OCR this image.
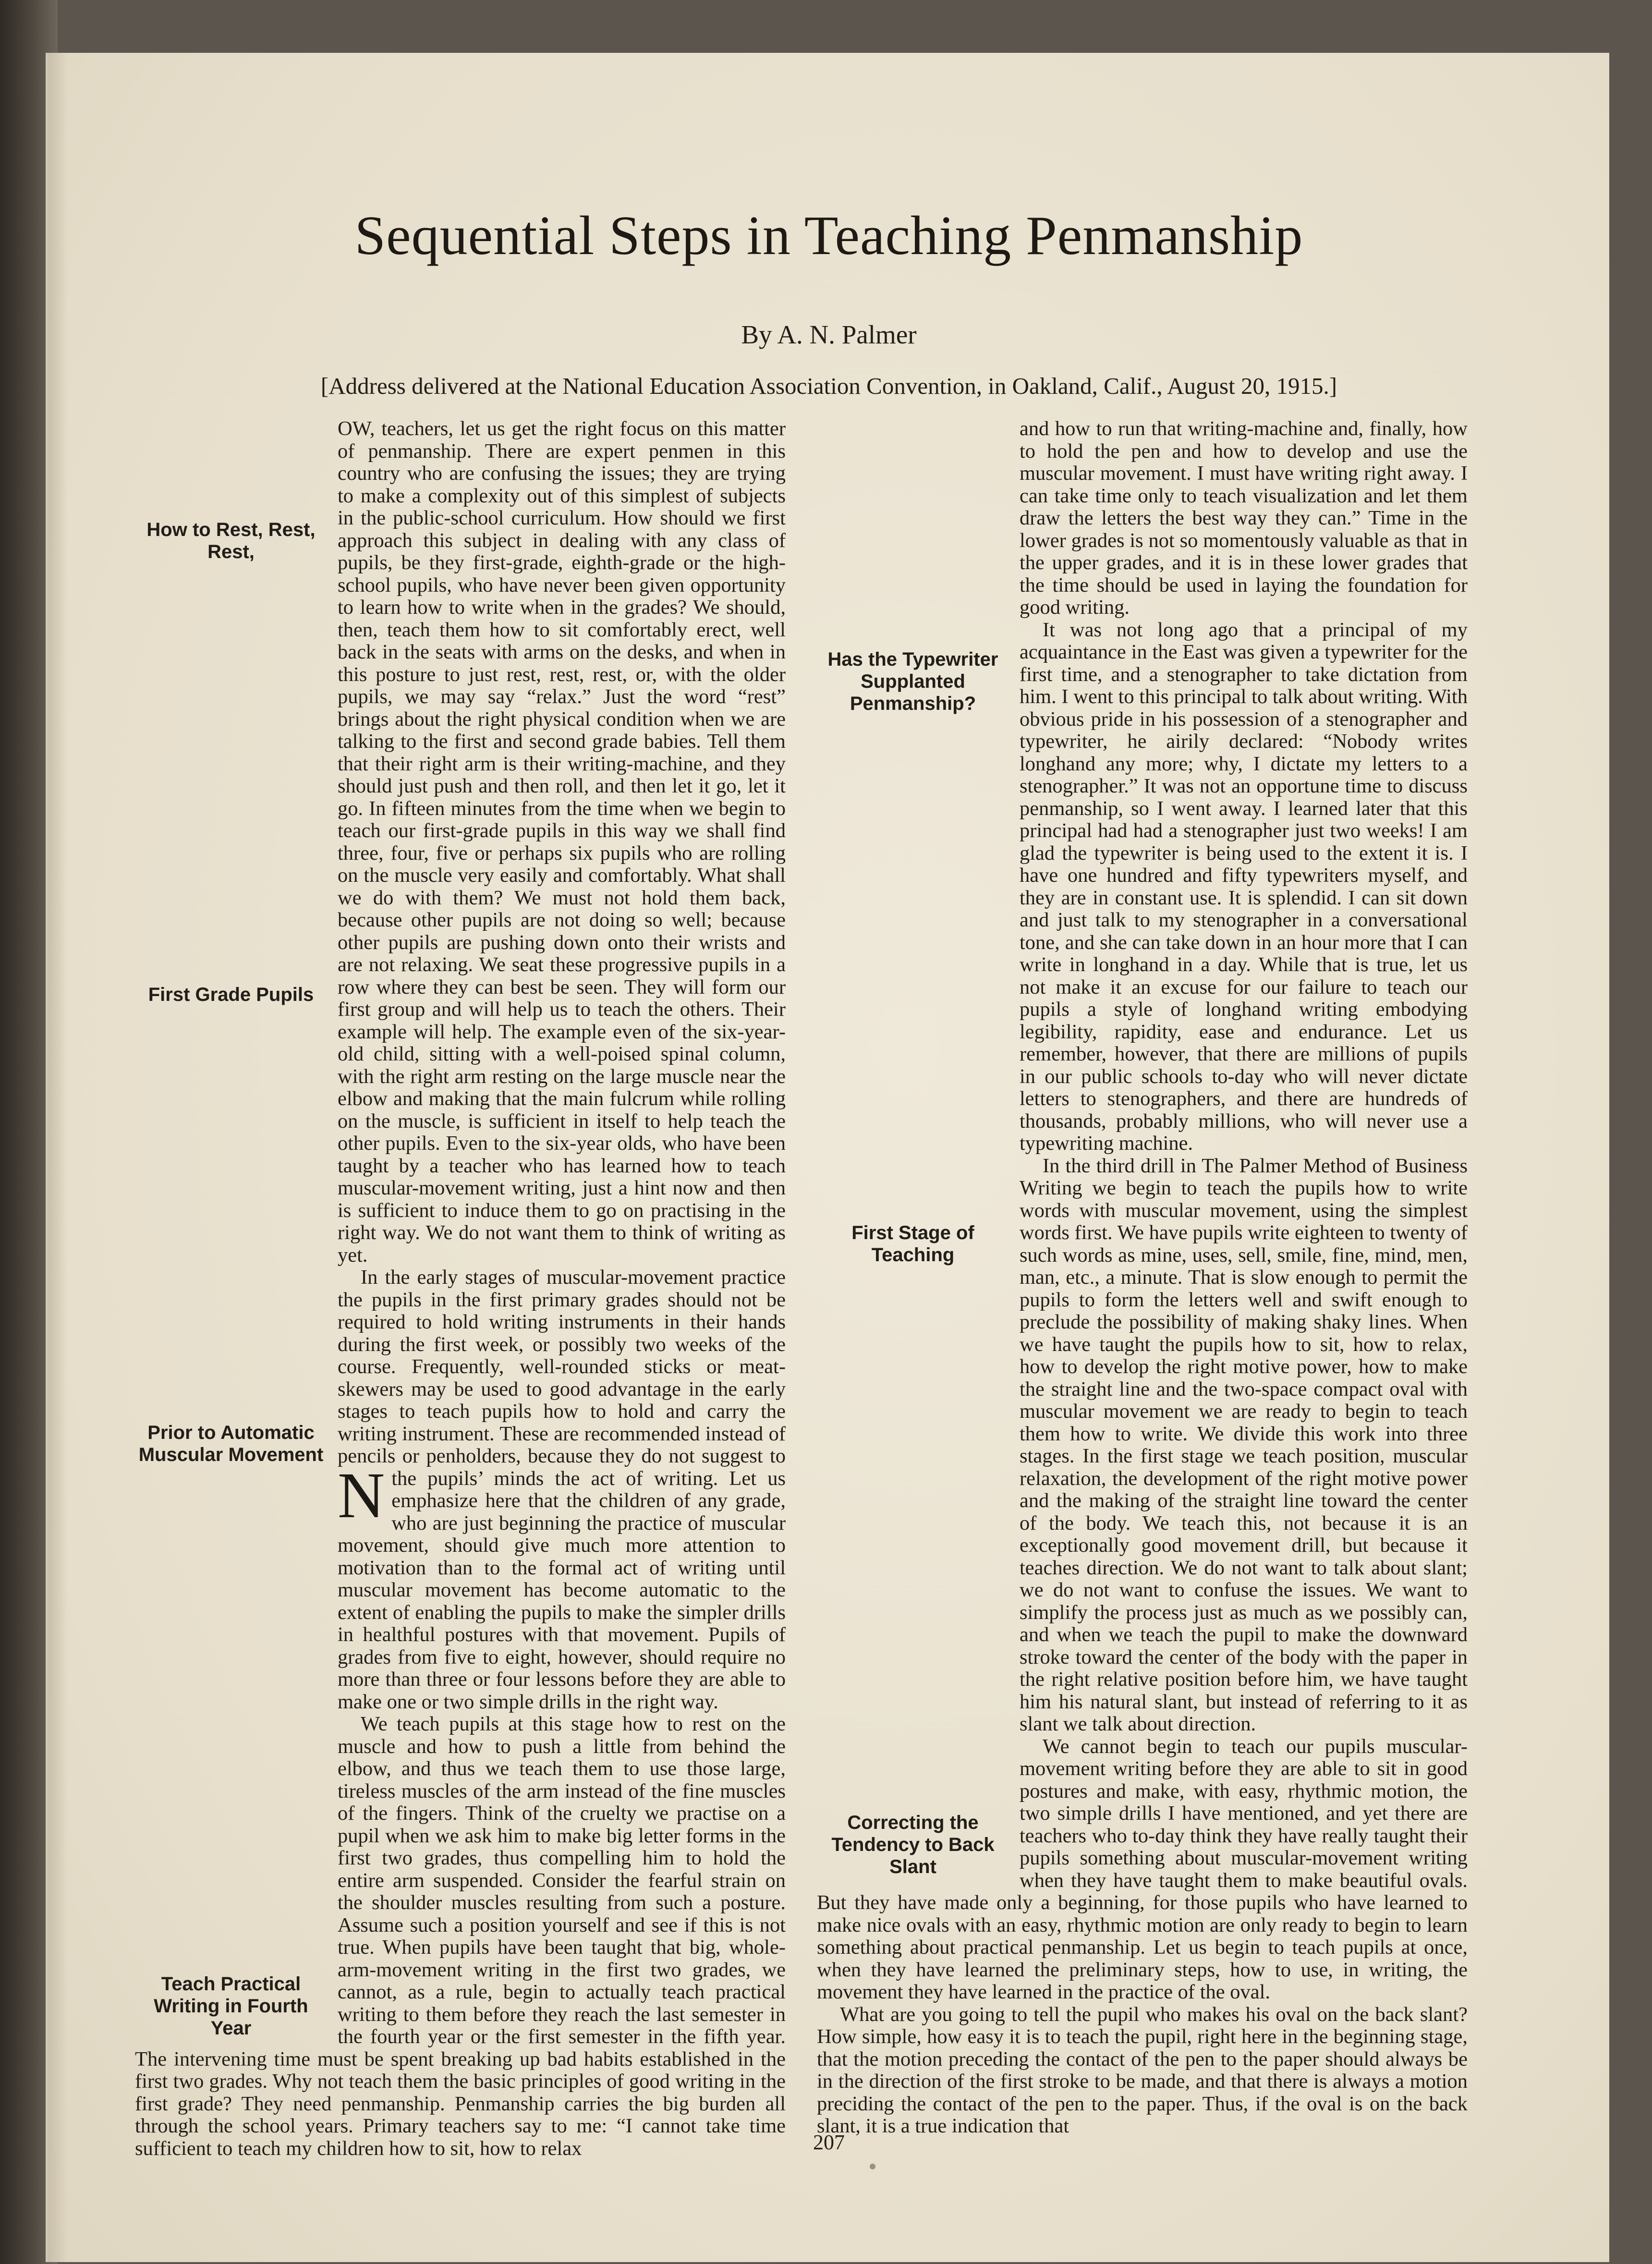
Sequential Steps in Teaching Penmanship

By A. N. Palmer

[Address delivered at the National Education Association Convention, in Oakland, Calif., August 20, 1915.]

How to Rest, Rest, Rest,
First Grade Pupils
Prior to Automatic Muscular Movement
Teach Practical Writing in Fourth Year

N
OW, teachers, let us get the right focus on this matter of penmanship. There are expert penmen in this country who are confusing the issues; they are trying to make a complexity out of this simplest of subjects in the public-school curriculum. How should we first approach this subject in dealing with any class of pupils, be they first-grade, eighth-grade or the high-school pupils, who have never been given opportunity to learn how to write when in the grades? We should, then, teach them how to sit comfortably erect, well back in the seats with arms on the desks, and when in this posture to just rest, rest, rest, or, with the older pupils, we may say “relax.” Just the word “rest” brings about the right physical condition when we are talking to the first and second grade babies. Tell them that their right arm is their writing-machine, and they should just push and then roll, and then let it go, let it go. In fifteen minutes from the time when we begin to teach our first-grade pupils in this way we shall find three, four, five or perhaps six pupils who are rolling on the muscle very easily and comfortably. What shall we do with them? We must not hold them back, because other pupils are not doing so well; because other pupils are pushing down onto their wrists and are not relaxing. We seat these progressive pupils in a row where they can best be seen. They will form our first group and will help us to teach the others. Their example will help. The example even of the six-year-old child, sitting with a well-poised spinal column, with the right arm resting on the large muscle near the elbow and making that the main fulcrum while rolling on the muscle, is sufficient in itself to help teach the other pupils. Even to the six-year olds, who have been taught by a teacher who has learned how to teach muscular-movement writing, just a hint now and then is sufficient to induce them to go on practising in the right way. We do not want them to think of writing as yet.

In the early stages of muscular-movement practice the pupils in the first primary grades should not be required to hold writing instruments in their hands during the first week, or possibly two weeks of the course. Frequently, well-rounded sticks or meat-skewers may be used to good advantage in the early stages to teach pupils how to hold and carry the writing instrument. These are recommended instead of pencils or penholders, because they do not suggest to the pupils’ minds the act of writing. Let us emphasize here that the children of any grade, who are just beginning the practice of muscular movement, should give much more attention to motivation than to the formal act of writing until muscular movement has become automatic to the extent of enabling the pupils to make the simpler drills in healthful postures with that movement. Pupils of grades from five to eight, however, should require no more than three or four lessons before they are able to make one or two simple drills in the right way.

We teach pupils at this stage how to rest on the muscle and how to push a little from behind the elbow, and thus we teach them to use those large, tireless muscles of the arm instead of the fine muscles of the fingers. Think of the cruelty we practise on a pupil when we ask him to make big letter forms in the first two grades, thus compelling him to hold the entire arm suspended. Consider the fearful strain on the shoulder muscles resulting from such a posture. Assume such a position yourself and see if this is not true. When pupils have been taught that big, whole-arm-movement writing in the first two grades, we cannot, as a rule, begin to actually teach practical writing to them before they reach the last semester in the fourth year or the first semester in the fifth year. The intervening time must be spent breaking up bad habits established in the first two grades. Why not teach them the basic principles of good writing in the first grade? They need penmanship. Penmanship carries the big burden all through the school years. Primary teachers say to me: “I cannot take time sufficient to teach my children how to sit, how to relax

Has the Typewriter Supplanted Penmanship?
First Stage of Teaching
Correcting the Tendency to Back Slant

and how to run that writing-machine and, finally, how to hold the pen and how to develop and use the muscular movement. I must have writing right away. I can take time only to teach visualization and let them draw the letters the best way they can.” Time in the lower grades is not so momentously valuable as that in the upper grades, and it is in these lower grades that the time should be used in laying the foundation for good writing.

It was not long ago that a principal of my acquaintance in the East was given a typewriter for the first time, and a stenographer to take dictation from him. I went to this principal to talk about writing. With obvious pride in his possession of a stenographer and typewriter, he airily declared: “Nobody writes longhand any more; why, I dictate my letters to a stenographer.” It was not an opportune time to discuss penmanship, so I went away. I learned later that this principal had had a stenographer just two weeks! I am glad the typewriter is being used to the extent it is. I have one hundred and fifty typewriters myself, and they are in constant use. It is splendid. I can sit down and just talk to my stenographer in a conversational tone, and she can take down in an hour more that I can write in longhand in a day. While that is true, let us not make it an excuse for our failure to teach our pupils a style of longhand writing embodying legibility, rapidity, ease and endurance. Let us remember, however, that there are millions of pupils in our public schools to-day who will never dictate letters to stenographers, and there are hundreds of thousands, probably millions, who will never use a typewriting machine.

In the third drill in The Palmer Method of Business Writing we begin to teach the pupils how to write words with muscular movement, using the simplest words first. We have pupils write eighteen to twenty of such words as mine, uses, sell, smile, fine, mind, men, man, etc., a minute. That is slow enough to permit the pupils to form the letters well and swift enough to preclude the possibility of making shaky lines. When we have taught the pupils how to sit, how to relax, how to develop the right motive power, how to make the straight line and the two-space compact oval with muscular movement we are ready to begin to teach them how to write. We divide this work into three stages. In the first stage we teach position, muscular relaxation, the development of the right motive power and the making of the straight line toward the center of the body. We teach this, not because it is an exceptionally good movement drill, but because it teaches direction. We do not want to talk about slant; we do not want to confuse the issues. We want to simplify the process just as much as we possibly can, and when we teach the pupil to make the downward stroke toward the center of the body with the paper in the right relative position before him, we have taught him his natural slant, but instead of referring to it as slant we talk about direction.

We cannot begin to teach our pupils muscular-movement writing before they are able to sit in good postures and make, with easy, rhythmic motion, the two simple drills I have mentioned, and yet there are teachers who to-day think they have really taught their pupils something about muscular-movement writing when they have taught them to make beautiful ovals. But they have made only a beginning, for those pupils who have learned to make nice ovals with an easy, rhythmic motion are only ready to begin to learn something about practical penmanship. Let us begin to teach pupils at once, when they have learned the preliminary steps, how to use, in writing, the movement they have learned in the practice of the oval.

What are you going to tell the pupil who makes his oval on the back slant? How simple, how easy it is to teach the pupil, right here in the beginning stage, that the motion preceding the contact of the pen to the paper should always be in the direction of the first stroke to be made, and that there is always a motion preciding the contact of the pen to the paper. Thus, if the oval is on the back slant, it is a true indication that

207
